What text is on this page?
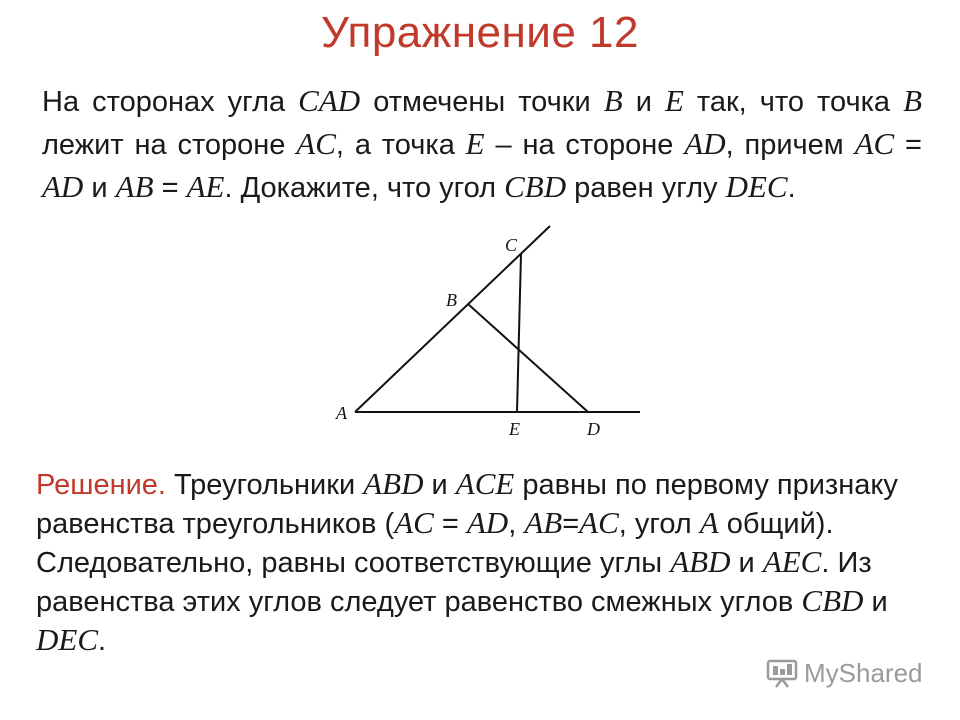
Упражнение 12
На сторонах угла CAD отмечены точки B и E так, что точка B лежит на стороне AC, а точка E – на стороне AD, причем AC = AD и AB = AE. Докажите, что угол CBD равен углу DEC.
A
B
C
E	D
Решение. Треугольники ABD и ACE равны по первому признаку равенства треугольников (AC = AD, AB=AC, угол A общий). Следовательно, равны соответствующие углы ABD и AEC. Из равенства этих углов следует равенство смежных углов CBD и DEC.
MyShared
